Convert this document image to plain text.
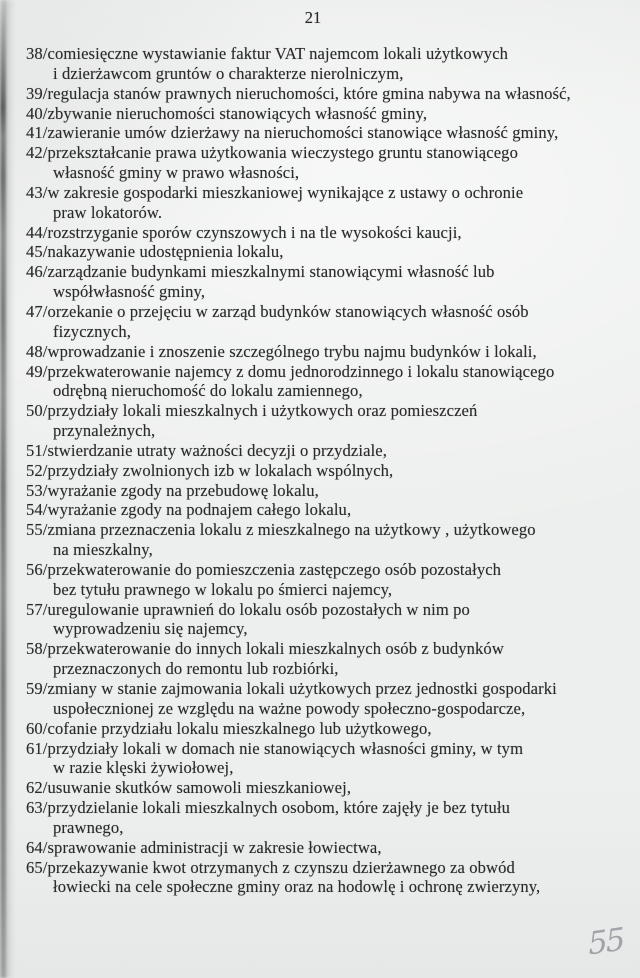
21
38/comiesięczne wystawianie faktur VAT najemcom lokali użytkowych
i dzierżawcom gruntów o charakterze nierolniczym,
39/regulacja stanów prawnych nieruchomości, które gmina nabywa na własność,
40/zbywanie nieruchomości stanowiących własność gminy,
41/zawieranie umów dzierżawy na nieruchomości stanowiące własność gminy,
42/przekształcanie prawa użytkowania wieczystego gruntu stanowiącego
własność gminy w prawo własności,
43/w zakresie gospodarki mieszkaniowej wynikające z ustawy o ochronie
praw lokatorów.
44/rozstrzyganie sporów czynszowych i na tle wysokości kaucji,
45/nakazywanie udostępnienia lokalu,
46/zarządzanie budynkami mieszkalnymi stanowiącymi własność lub
współwłasność gminy,
47/orzekanie o przejęciu w zarząd budynków stanowiących własność osób
fizycznych,
48/wprowadzanie i znoszenie szczególnego trybu najmu budynków i lokali,
49/przekwaterowanie najemcy z domu jednorodzinnego i lokalu stanowiącego
odrębną nieruchomość do lokalu zamiennego,
50/przydziały lokali mieszkalnych i użytkowych oraz pomieszczeń
przynależnych,
51/stwierdzanie utraty ważności decyzji o przydziale,
52/przydziały zwolnionych izb w lokalach wspólnych,
53/wyrażanie zgody na przebudowę lokalu,
54/wyrażanie zgody na podnajem całego lokalu,
55/zmiana przeznaczenia lokalu z mieszkalnego na użytkowy , użytkowego
na mieszkalny,
56/przekwaterowanie do pomieszczenia zastępczego osób pozostałych
bez tytułu prawnego w lokalu po śmierci najemcy,
57/uregulowanie uprawnień do lokalu osób pozostałych w nim po
wyprowadzeniu się najemcy,
58/przekwaterowanie do innych lokali mieszkalnych osób z budynków
przeznaczonych do remontu lub rozbiórki,
59/zmiany w stanie zajmowania lokali użytkowych przez jednostki gospodarki
uspołecznionej ze względu na ważne powody społeczno-gospodarcze,
60/cofanie przydziału lokalu mieszkalnego lub użytkowego,
61/przydziały lokali w domach nie stanowiących własności gminy, w tym
w razie klęski żywiołowej,
62/usuwanie skutków samowoli mieszkaniowej,
63/przydzielanie lokali mieszkalnych osobom, które zajęły je bez tytułu
prawnego,
64/sprawowanie administracji w zakresie łowiectwa,
65/przekazywanie kwot otrzymanych z czynszu dzierżawnego za obwód
łowiecki na cele społeczne gminy oraz na hodowlę i ochronę zwierzyny,
55
